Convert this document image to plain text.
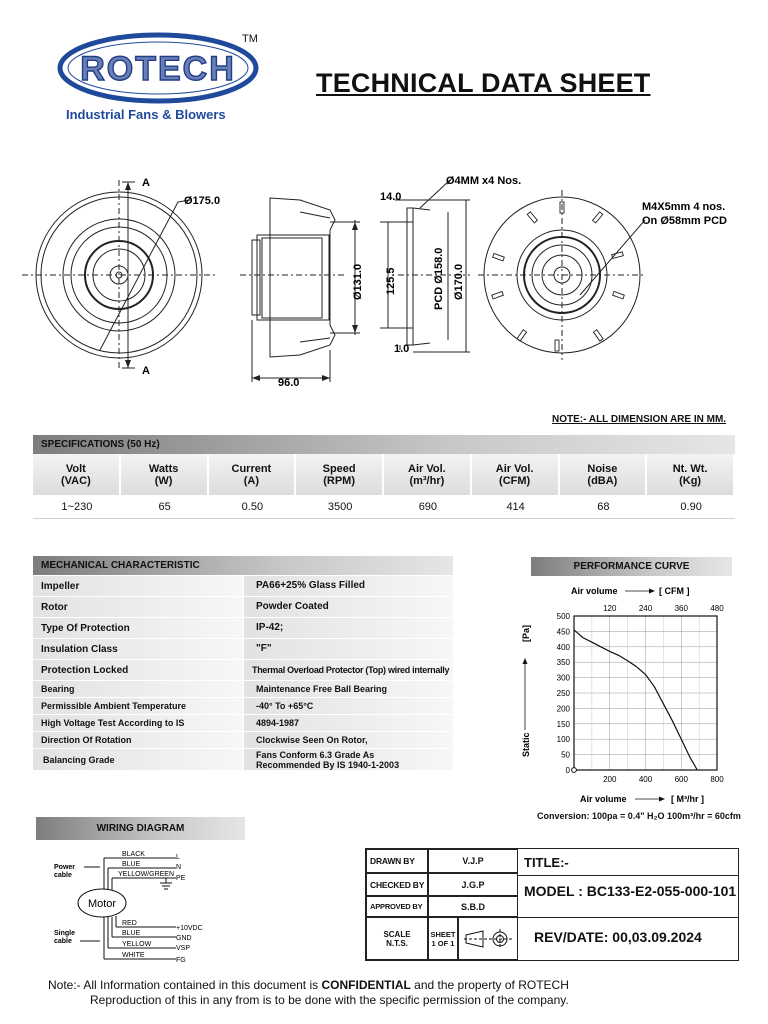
ROTECH
TM
Industrial Fans & Blowers
TECHNICAL DATA SHEET
A
A
Ø175.0
96.0
Ø131.0
14.0
Ø4MM x4 Nos.
125.5	PCD Ø158.0 Ø170.0
1.0
M4X5mm 4 nos.
On Ø58mm PCD
NOTE:- ALL DIMENSION ARE IN MM.
SPECIFICATIONS (50 Hz)
Volt
(VAC)
Watts
(W)
Current
(A)
Speed
(RPM)
Air Vol.
(m³/hr)
Air Vol.
(CFM)
Noise
(dBA)
Nt. Wt.
(Kg)
1~230	65	0.50	3500	690	414	68	0.90
MECHANICAL CHARACTERISTIC
Impeller	PA66+25% Glass Filled
Rotor	Powder Coated
Type Of Protection	IP-42;
Insulation Class	"F"
Protection Locked	Thermal Overload Protector (Top) wired internally
Bearing	Maintenance Free Ball Bearing
Permissible Ambient Temperature	-40° To +65°C
High Voltage Test According to IS	4894-1987
Direction Of Rotation	Clockwise Seen On Rotor,
Balancing Grade	Fans Conform 6.3 Grade As
Recommended By IS 1940-1-2003
PERFORMANCE CURVE
0
50
100
150
200
250
300
350
400
450
500
200	400	600	800
120	240	360	480
Air volume	[ CFM ]
Air volume	[ M³/hr ]
[Pa]
Static
Conversion: 100pa = 0.4" H₂O 100m³/hr = 60cfm
WIRING DIAGRAM
Motor
Power
cable
Single
cable
BLACK
BLUE
YELLOW/GREEN
L
N
PE
RED
BLUE
YELLOW
WHITE
+10VDC
GND
VSP
FG
DRAWN BY	V.J.P
CHECKED BY	J.G.P
APPROVED BY	S.B.D
SCALE
N.T.S.
SHEET
1 OF 1
TITLE:-
MODEL : BC133-E2-055-000-101
REV/DATE: 00,03.09.2024
Note:- All Information contained in this document is CONFIDENTIAL and the property of ROTECH
Reproduction of this in any from is to be done with the specific permission of the company.
